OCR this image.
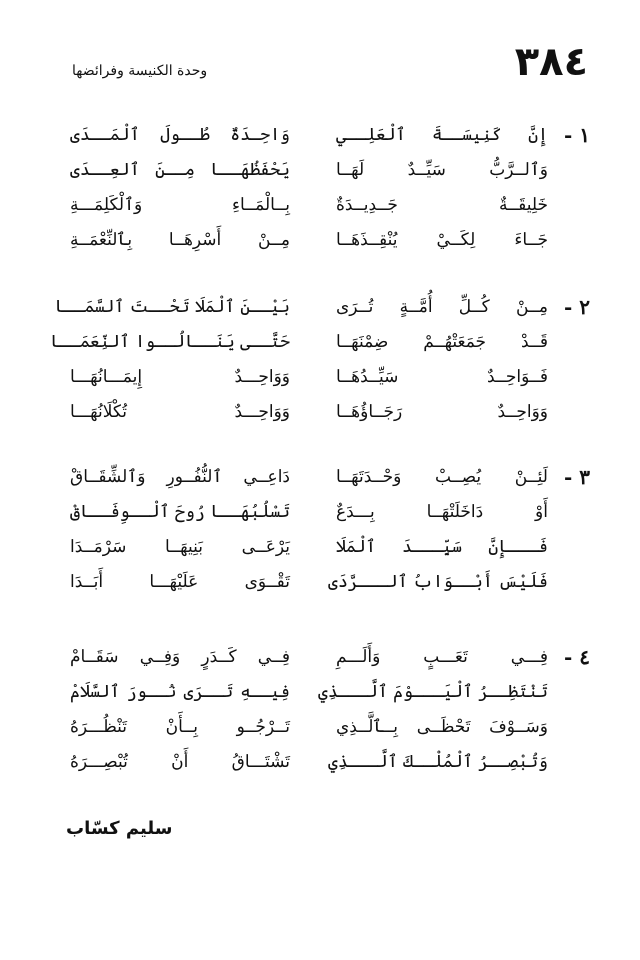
٣٨٤
وحدة الكنيسة وفرائضها
١ -
إِنَّ كَنِيسَــةَ ٱلْعَلِــي
وَاحِـدَةٌ طُــولَ ٱلْمَــدَى
وَٱلــرَّبُّ سَيِّــدٌ لَهَــا
يَحْفَظُهَــا مِــنَ ٱلعِــدَى
خَلِيقَــةٌ جَــدِيــدَةٌ
بِــالْمَــاءِ وَٱلْكَلِمَـــةِ
جَــاءَ لِكَــيْ يُنْقِــذَهَــا
مِــنْ أَسْرِهَــا بِٱلنِّعْمَــةِ
٢ -
مِــنْ كُــلِّ أُمَّــةٍ تُــرَى
بَيْــنَ ٱلْمَلَا تَحْــتَ ٱلسَّمَــا
قَــدْ جَمَعَتْهُــمْ ضِمْنَهَــا
حَتَّــى يَنَــالُــوا ٱلنِّعَمَــا
فَــوَاحِــدٌ سَيِّــدُهَــا
وَوَاحِـــدٌ إِيمَـــانُهَـــا
وَوَاحِــدٌ رَجَــاؤُهَــا
وَوَاحِـــدٌ تُكْلَانُهَـــا
٣ -
لَئِــنْ يُصِــبْ وَحْــدَتَهَــا
دَاعِــي ٱلنُّفُــورِ وَٱلشِّقَــاقْ
أَوْ دَاخَلَتْهَــا بِـــدَعٌ
تَسْلُبُهَــا رُوحَ ٱلْــوِفَــاقْ
فَـــإِنَّ سَيِّـــدَ ٱلْمَلَا
يَرْعَــى بَنِيهَــا سَرْمَــدَا
فَلَيْسَ أَبْــوَابُ ٱلـــرَّدَى
تَقْــوَى عَلَيْهَـــا أَبَــدَا
٤ -
فِـــي تَعَـــبٍ وَأَلَـــمِ
فِــي كَــدَرٍ وَفِــي سَقَــامْ
تَنْتَظِــرُ ٱلْيَـــوْمَ ٱلَّـــذِي
فِيــهِ تَــرَى نُــورَ ٱلسَّلَامْ
وَسَــوْفَ تَحْظَــى بِــٱلَّــذِي
تَــرْجُــو بِــأَنْ تَنْظُـــرَهُ
وَتُبْصِــرُ ٱلْمُلْــكَ ٱلَّـــذِي
تَشْتَـــاقُ أَنْ تُبْصِـــرَهُ
سليم كسّاب
